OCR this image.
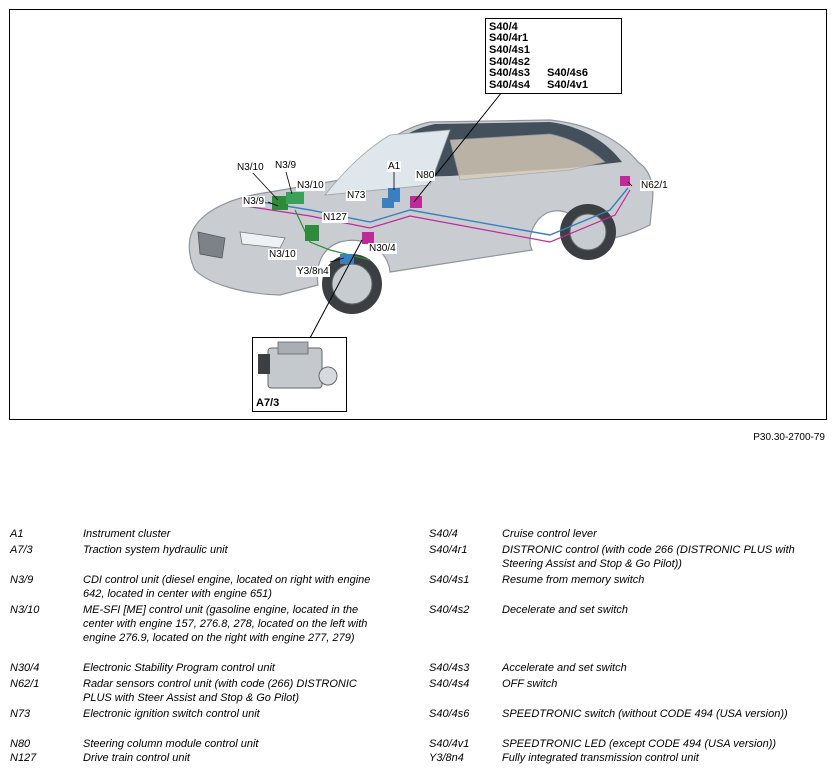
N3/10 N3/9
N3/10
N3/9
A1
N80
N73
N127
N3/10
N30/4
Y3/8n4
N62/1
S40/4
S40/4r1
S40/4s1
S40/4s2
S40/4s3
S40/4s4
S40/4s6
S40/4v1
A7/3
P30.30-2700-79
A1	Instrument cluster
A7/3	Traction system hydraulic unit
N3/9	CDI control unit (diesel engine, located on right with engine 642, located in center with engine 651)
N3/10	ME-SFI [ME] control unit (gasoline engine, located in the center with engine 157, 276.8, 278, located on the left with engine 276.9, located on the right with engine 277, 279)
N30/4	Electronic Stability Program control unit
N62/1	Radar sensors control unit (with code (266) DISTRONIC PLUS with Steer Assist and Stop & Go Pilot)
N73	Electronic ignition switch control unit
N80	Steering column module control unit
N127	Drive train control unit
S40/4	Cruise control lever
S40/4r1	DISTRONIC control (with code 266 (DISTRONIC PLUS with Steering Assist and Stop & Go Pilot))
S40/4s1	Resume from memory switch
S40/4s2	Decelerate and set switch
S40/4s3	Accelerate and set switch
S40/4s4	OFF switch
S40/4s6	SPEEDTRONIC switch (without CODE 494 (USA version))
S40/4v1	SPEEDTRONIC LED (except CODE 494 (USA version))
Y3/8n4	Fully integrated transmission control unit
